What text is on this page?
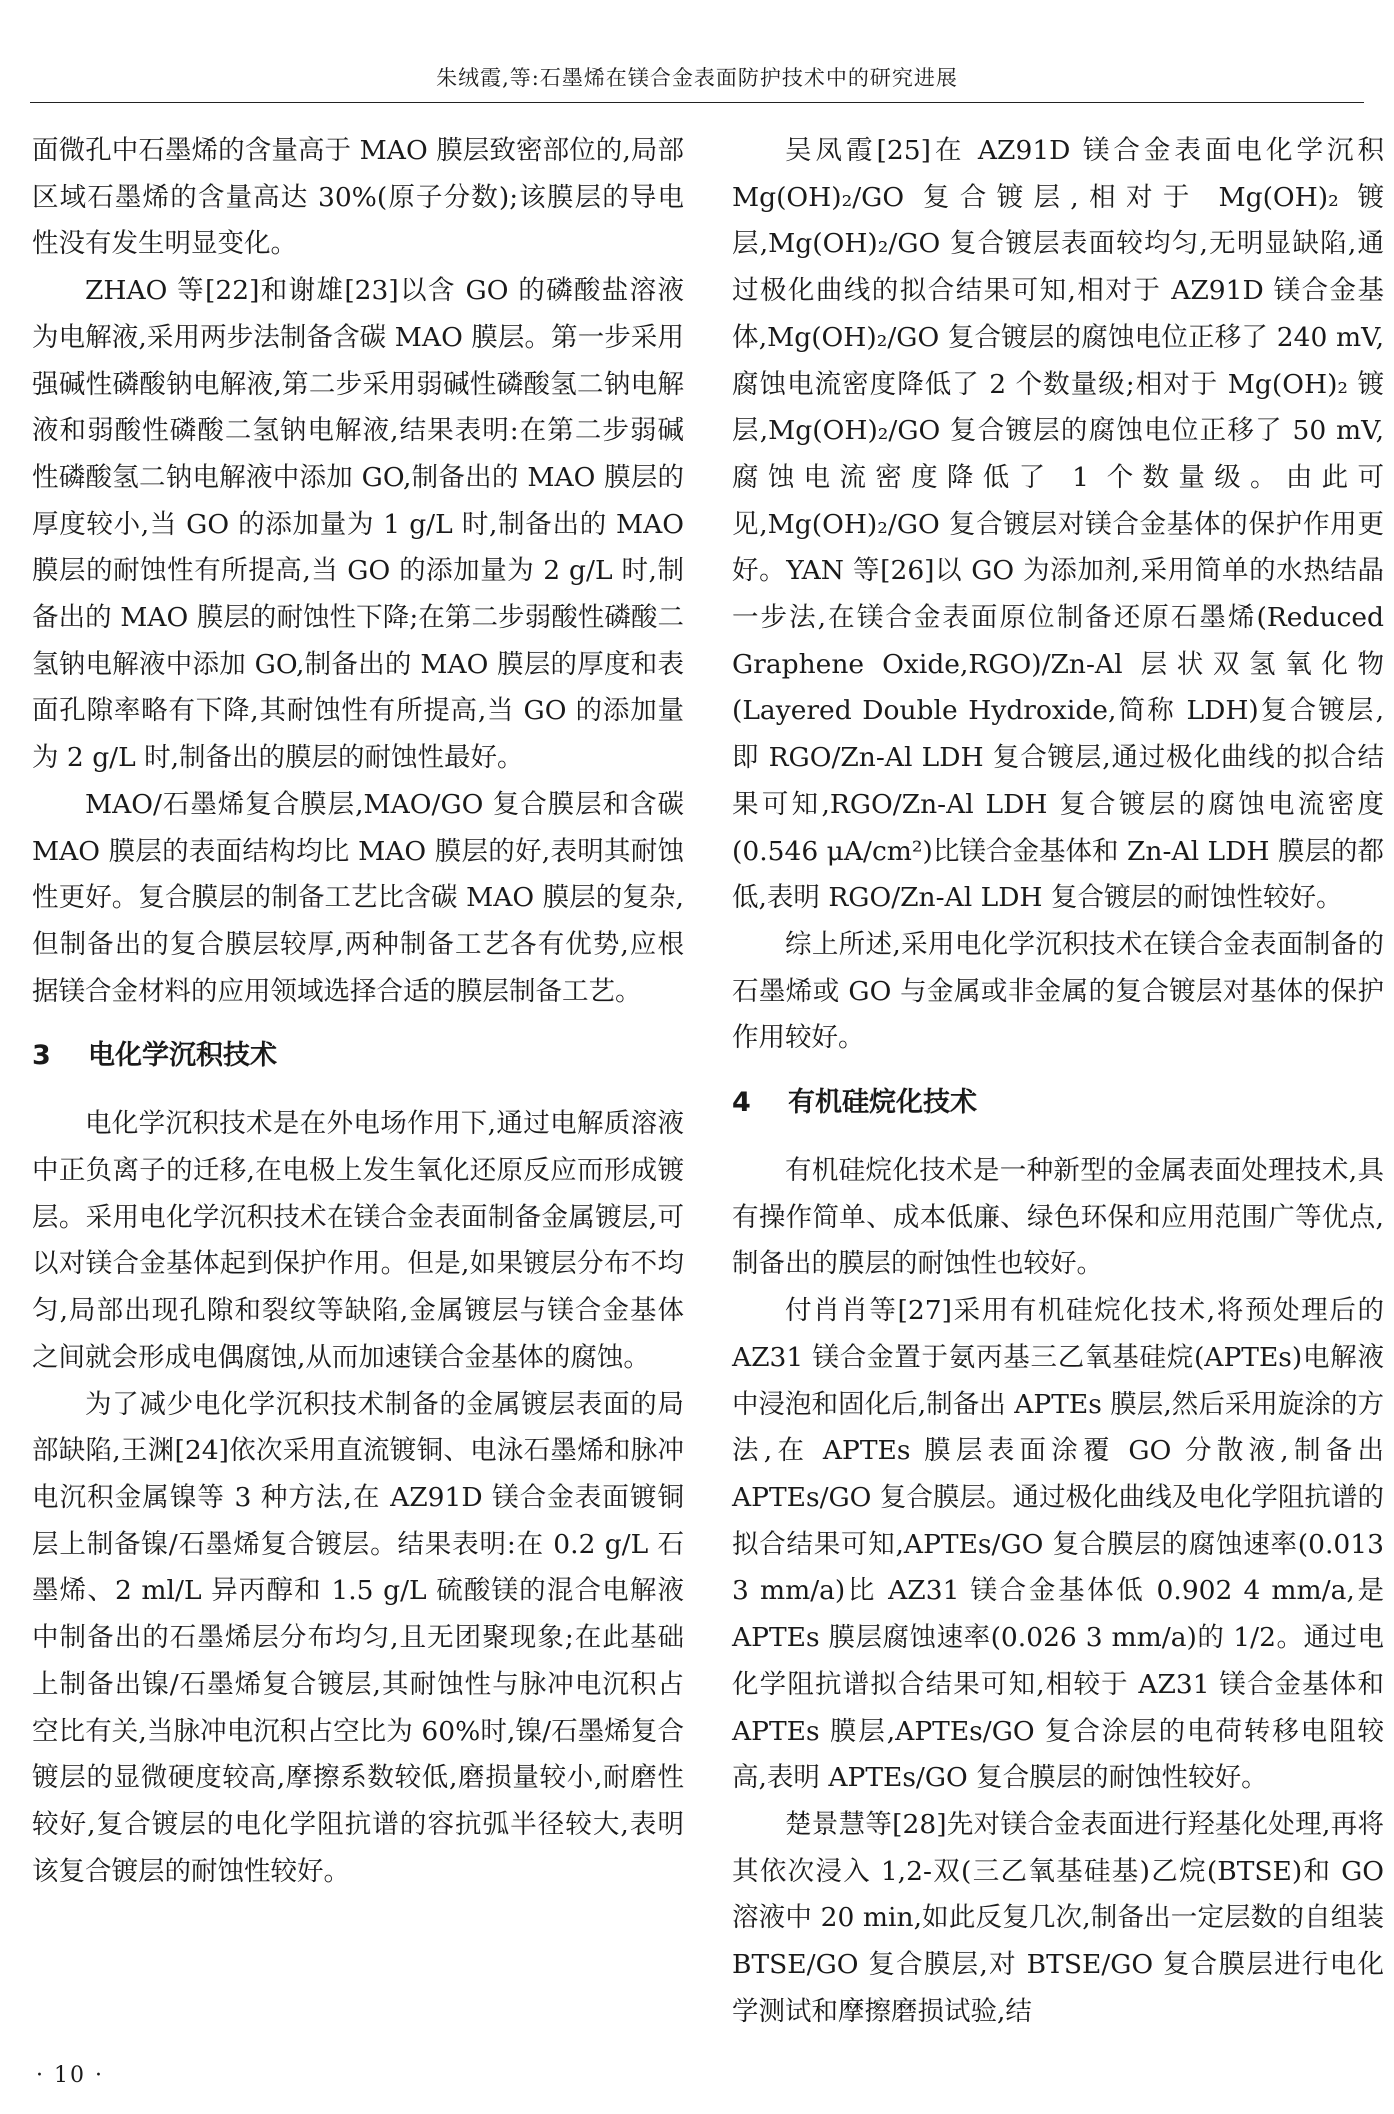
朱绒霞,等:石墨烯在镁合金表面防护技术中的研究进展

面微孔中石墨烯的含量高于 MAO 膜层致密部位的,局部区域石墨烯的含量高达 30%(原子分数);该膜层的导电性没有发生明显变化。

ZHAO 等[22]和谢雄[23]以含 GO 的磷酸盐溶液为电解液,采用两步法制备含碳 MAO 膜层。第一步采用强碱性磷酸钠电解液,第二步采用弱碱性磷酸氢二钠电解液和弱酸性磷酸二氢钠电解液,结果表明:在第二步弱碱性磷酸氢二钠电解液中添加 GO,制备出的 MAO 膜层的厚度较小,当 GO 的添加量为 1 g/L 时,制备出的 MAO 膜层的耐蚀性有所提高,当 GO 的添加量为 2 g/L 时,制备出的 MAO 膜层的耐蚀性下降;在第二步弱酸性磷酸二氢钠电解液中添加 GO,制备出的 MAO 膜层的厚度和表面孔隙率略有下降,其耐蚀性有所提高,当 GO 的添加量为 2 g/L 时,制备出的膜层的耐蚀性最好。

MAO/石墨烯复合膜层,MAO/GO 复合膜层和含碳 MAO 膜层的表面结构均比 MAO 膜层的好,表明其耐蚀性更好。复合膜层的制备工艺比含碳 MAO 膜层的复杂,但制备出的复合膜层较厚,两种制备工艺各有优势,应根据镁合金材料的应用领域选择合适的膜层制备工艺。

3 电化学沉积技术

电化学沉积技术是在外电场作用下,通过电解质溶液中正负离子的迁移,在电极上发生氧化还原反应而形成镀层。采用电化学沉积技术在镁合金表面制备金属镀层,可以对镁合金基体起到保护作用。但是,如果镀层分布不均匀,局部出现孔隙和裂纹等缺陷,金属镀层与镁合金基体之间就会形成电偶腐蚀,从而加速镁合金基体的腐蚀。

为了减少电化学沉积技术制备的金属镀层表面的局部缺陷,王渊[24]依次采用直流镀铜、电泳石墨烯和脉冲电沉积金属镍等 3 种方法,在 AZ91D 镁合金表面镀铜层上制备镍/石墨烯复合镀层。结果表明:在 0.2 g/L 石墨烯、2 ml/L 异丙醇和 1.5 g/L 硫酸镁的混合电解液中制备出的石墨烯层分布均匀,且无团聚现象;在此基础上制备出镍/石墨烯复合镀层,其耐蚀性与脉冲电沉积占空比有关,当脉冲电沉积占空比为 60%时,镍/石墨烯复合镀层的显微硬度较高,摩擦系数较低,磨损量较小,耐磨性较好,复合镀层的电化学阻抗谱的容抗弧半径较大,表明该复合镀层的耐蚀性较好。

吴凤霞[25]在 AZ91D 镁合金表面电化学沉积 Mg(OH)₂/GO 复合镀层,相对于 Mg(OH)₂ 镀层,Mg(OH)₂/GO 复合镀层表面较均匀,无明显缺陷,通过极化曲线的拟合结果可知,相对于 AZ91D 镁合金基体,Mg(OH)₂/GO 复合镀层的腐蚀电位正移了 240 mV,腐蚀电流密度降低了 2 个数量级;相对于 Mg(OH)₂ 镀层,Mg(OH)₂/GO 复合镀层的腐蚀电位正移了 50 mV,腐蚀电流密度降低了 1 个数量级。由此可见,Mg(OH)₂/GO 复合镀层对镁合金基体的保护作用更好。YAN 等[26]以 GO 为添加剂,采用简单的水热结晶一步法,在镁合金表面原位制备还原石墨烯(Reduced Graphene Oxide,RGO)/Zn-Al 层状双氢氧化物(Layered Double Hydroxide,简称 LDH)复合镀层,即 RGO/Zn-Al LDH 复合镀层,通过极化曲线的拟合结果可知,RGO/Zn-Al LDH 复合镀层的腐蚀电流密度(0.546 μA/cm²)比镁合金基体和 Zn-Al LDH 膜层的都低,表明 RGO/Zn-Al LDH 复合镀层的耐蚀性较好。

综上所述,采用电化学沉积技术在镁合金表面制备的石墨烯或 GO 与金属或非金属的复合镀层对基体的保护作用较好。

4 有机硅烷化技术

有机硅烷化技术是一种新型的金属表面处理技术,具有操作简单、成本低廉、绿色环保和应用范围广等优点,制备出的膜层的耐蚀性也较好。

付肖肖等[27]采用有机硅烷化技术,将预处理后的 AZ31 镁合金置于氨丙基三乙氧基硅烷(APTEs)电解液中浸泡和固化后,制备出 APTEs 膜层,然后采用旋涂的方法,在 APTEs 膜层表面涂覆 GO 分散液,制备出 APTEs/GO 复合膜层。通过极化曲线及电化学阻抗谱的拟合结果可知,APTEs/GO 复合膜层的腐蚀速率(0.013 3 mm/a)比 AZ31 镁合金基体低 0.902 4 mm/a,是 APTEs 膜层腐蚀速率(0.026 3 mm/a)的 1/2。通过电化学阻抗谱拟合结果可知,相较于 AZ31 镁合金基体和 APTEs 膜层,APTEs/GO 复合涂层的电荷转移电阻较高,表明 APTEs/GO 复合膜层的耐蚀性较好。

楚景慧等[28]先对镁合金表面进行羟基化处理,再将其依次浸入 1,2-双(三乙氧基硅基)乙烷(BTSE)和 GO 溶液中 20 min,如此反复几次,制备出一定层数的自组装 BTSE/GO 复合膜层,对 BTSE/GO 复合膜层进行电化学测试和摩擦磨损试验,结

· 10 ·
